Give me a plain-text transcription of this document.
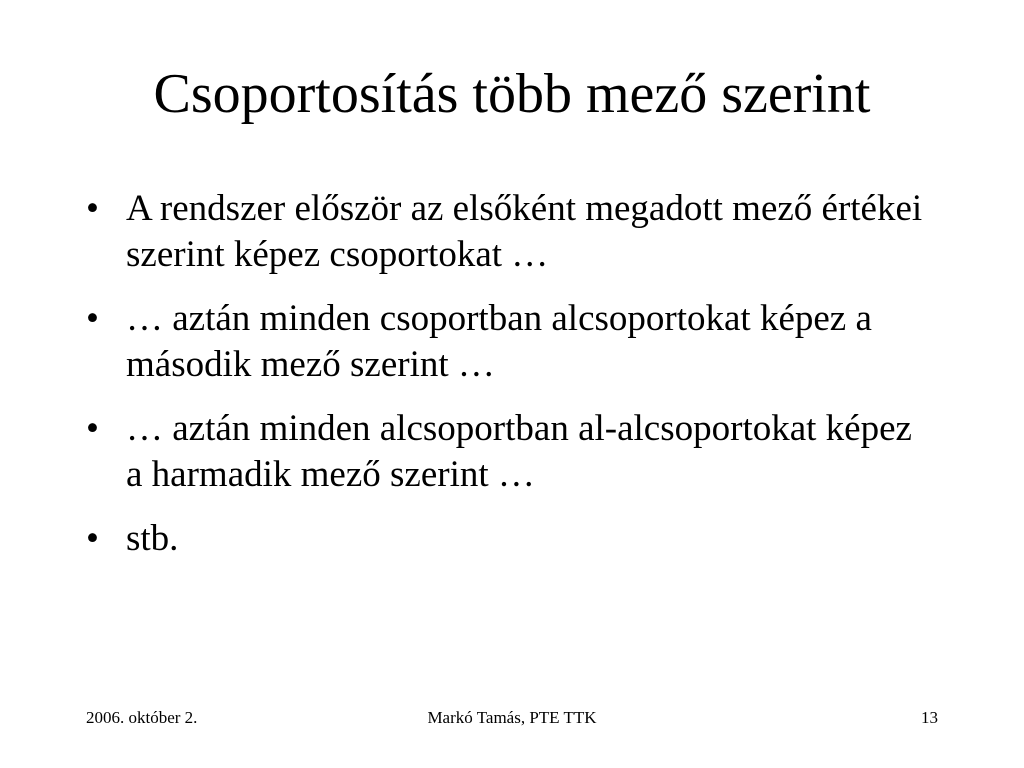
Csoportosítás több mező szerint
• A rendszer először az elsőként megadott mező értékei szerint képez csoportokat …
• … aztán minden csoportban alcsoportokat képez a második mező szerint …
• … aztán minden alcsoportban al-alcsoportokat képez a harmadik mező szerint …
• stb.
2006. október 2.	Markó Tamás, PTE TTK	13
